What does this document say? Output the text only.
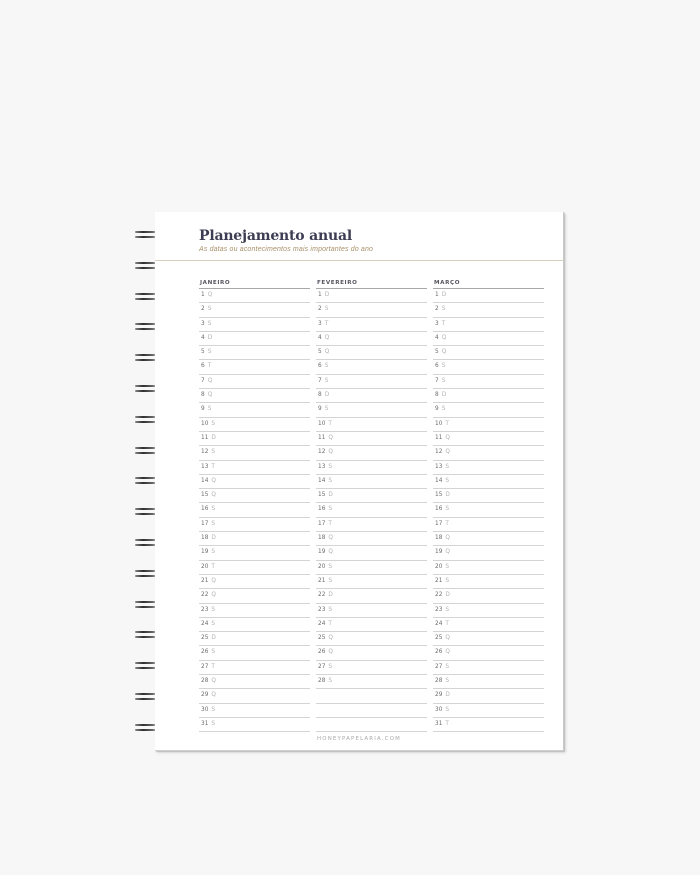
Planejamento anual
As datas ou acontecimentos mais importantes do ano
JANEIRO
1 Q
2 S
3 S
4 D
5 S
6 T
7 Q
8 Q
9 S
10 S
11 D
12 S
13 T
14 Q
15 Q
16 S
17 S
18 D
19 S
20 T
21 Q
22 Q
23 S
24 S
25 D
26 S
27 T
28 Q
29 Q
30 S
31 S
FEVEREIRO
1 D
2 S
3 T
4 Q
5 Q
6 S
7 S
8 D
9 S
10 T
11 Q
12 Q
13 S
14 S
15 D
16 S
17 T
18 Q
19 Q
20 S
21 S
22 D
23 S
24 T
25 Q
26 Q
27 S
28 S
MARÇO
1 D
2 S
3 T
4 Q
5 Q
6 S
7 S
8 D
9 S
10 T
11 Q
12 Q
13 S
14 S
15 D
16 S
17 T
18 Q
19 Q
20 S
21 S
22 D
23 S
24 T
25 Q
26 Q
27 S
28 S
29 D
30 S
31 T
HONEYPAPELARIA.COM
